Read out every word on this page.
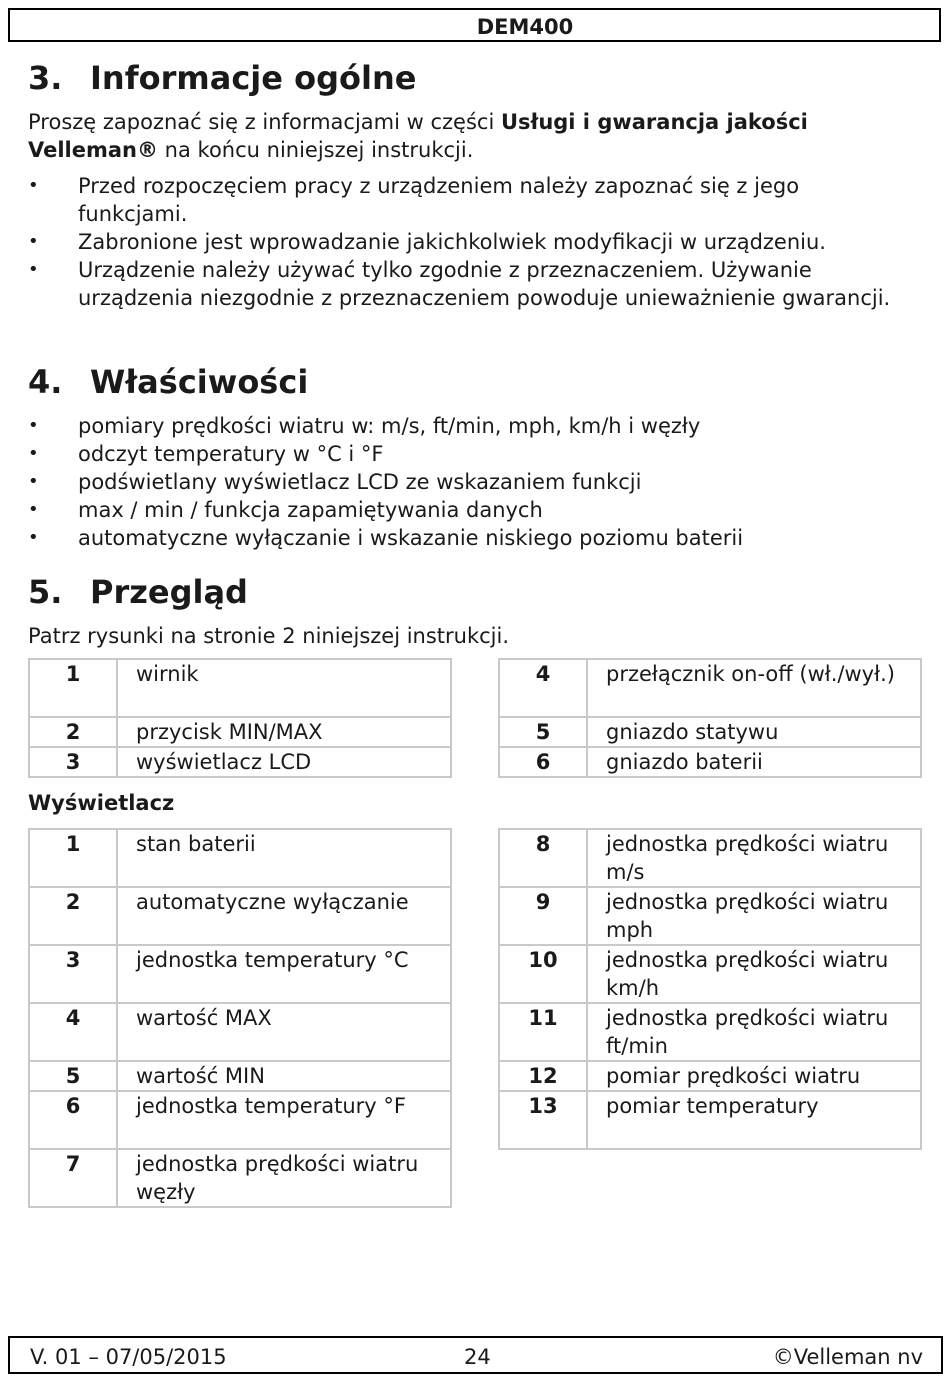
DEM400
3. Informacje ogólne

Proszę zapoznać się z informacjami w części Usługi i gwarancja jakości Velleman® na końcu niniejszej instrukcji.

• Przed rozpoczęciem pracy z urządzeniem należy zapoznać się z jego funkcjami.
• Zabronione jest wprowadzanie jakichkolwiek modyfikacji w urządzeniu.
• Urządzenie należy używać tylko zgodnie z przeznaczeniem. Używanie urządzenia niezgodnie z przeznaczeniem powoduje unieważnienie gwarancji.
4. Właściwości
• pomiary prędkości wiatru w: m/s, ft/min, mph, km/h i węzły
• odczyt temperatury w °C i °F
• podświetlany wyświetlacz LCD ze wskazaniem funkcji
• max / min / funkcja zapamiętywania danych
• automatyczne wyłączanie i wskazanie niskiego poziomu baterii
5. Przegląd

Patrz rysunki na stronie 2 niniejszej instrukcji.

1	wirnik
2	przycisk MIN/MAX
3	wyświetlacz LCD
4	przełącznik on-off (wł./wył.)
5	gniazdo statywu
6	gniazdo baterii

Wyświetlacz

1	stan baterii
2	automatyczne wyłączanie
3	jednostka temperatury °C
4	wartość MAX
5	wartość MIN
6	jednostka temperatury °F
7	jednostka prędkości wiatru węzły
8	jednostka prędkości wiatru m/s
9	jednostka prędkości wiatru mph
10	jednostka prędkości wiatru km/h
11	jednostka prędkości wiatru ft/min
12	pomiar prędkości wiatru
13	pomiar temperatury
V. 01 – 07/05/2015	24	©Velleman nv
